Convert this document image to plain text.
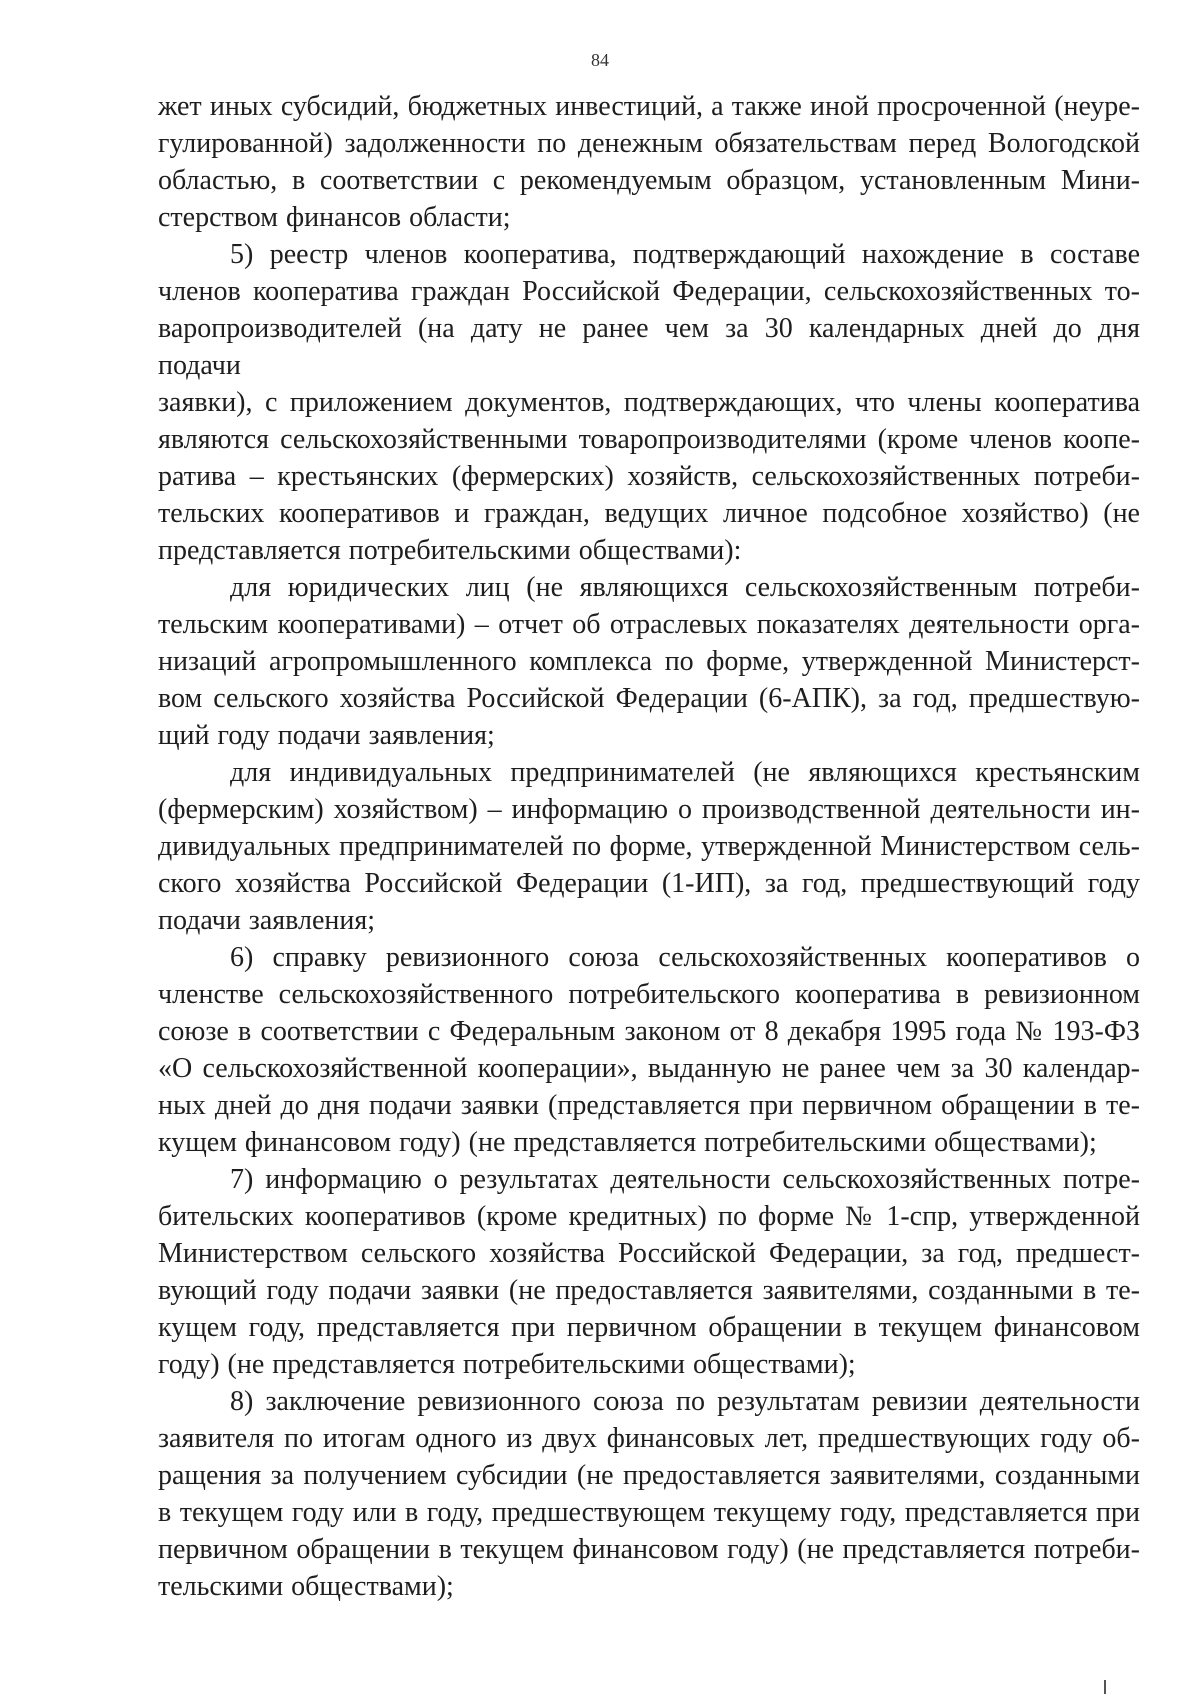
84

жет иных субсидий, бюджетных инвестиций, а также иной просроченной (неуре-
гулированной) задолженности по денежным обязательствам перед Вологодской
областью, в соответствии с рекомендуемым образцом, установленным Мини-
стерством финансов области;

5) реестр членов кооператива, подтверждающий нахождение в составе
членов кооператива граждан Российской Федерации, сельскохозяйственных то-
варопроизводителей (на дату не ранее чем за 30 календарных дней до дня подачи
заявки), с приложением документов, подтверждающих, что члены кооператива
являются сельскохозяйственными товаропроизводителями (кроме членов коопе-
ратива – крестьянских (фермерских) хозяйств, сельскохозяйственных потреби-
тельских кооперативов и граждан, ведущих личное подсобное хозяйство) (не
представляется потребительскими обществами):

для юридических лиц (не являющихся сельскохозяйственным потреби-
тельским кооперативами) – отчет об отраслевых показателях деятельности орга-
низаций агропромышленного комплекса по форме, утвержденной Министерст-
вом сельского хозяйства Российской Федерации (6-АПК), за год, предшествую-
щий году подачи заявления;

для индивидуальных предпринимателей (не являющихся крестьянским
(фермерским) хозяйством) – информацию о производственной деятельности ин-
дивидуальных предпринимателей по форме, утвержденной Министерством сель-
ского хозяйства Российской Федерации (1-ИП), за год, предшествующий году
подачи заявления;

6) справку ревизионного союза сельскохозяйственных кооперативов о
членстве сельскохозяйственного потребительского кооператива в ревизионном
союзе в соответствии с Федеральным законом от 8 декабря 1995 года № 193-ФЗ
«О сельскохозяйственной кооперации», выданную не ранее чем за 30 календар-
ных дней до дня подачи заявки (представляется при первичном обращении в те-
кущем финансовом году) (не представляется потребительскими обществами);

7) информацию о результатах деятельности сельскохозяйственных потре-
бительских кооперативов (кроме кредитных) по форме № 1-спр, утвержденной
Министерством сельского хозяйства Российской Федерации, за год, предшест-
вующий году подачи заявки (не предоставляется заявителями, созданными в те-
кущем году, представляется при первичном обращении в текущем финансовом
году) (не представляется потребительскими обществами);

8) заключение ревизионного союза по результатам ревизии деятельности
заявителя по итогам одного из двух финансовых лет, предшествующих году об-
ращения за получением субсидии (не предоставляется заявителями, созданными
в текущем году или в году, предшествующем текущему году, представляется при
первичном обращении в текущем финансовом году) (не представляется потреби-
тельскими обществами);
